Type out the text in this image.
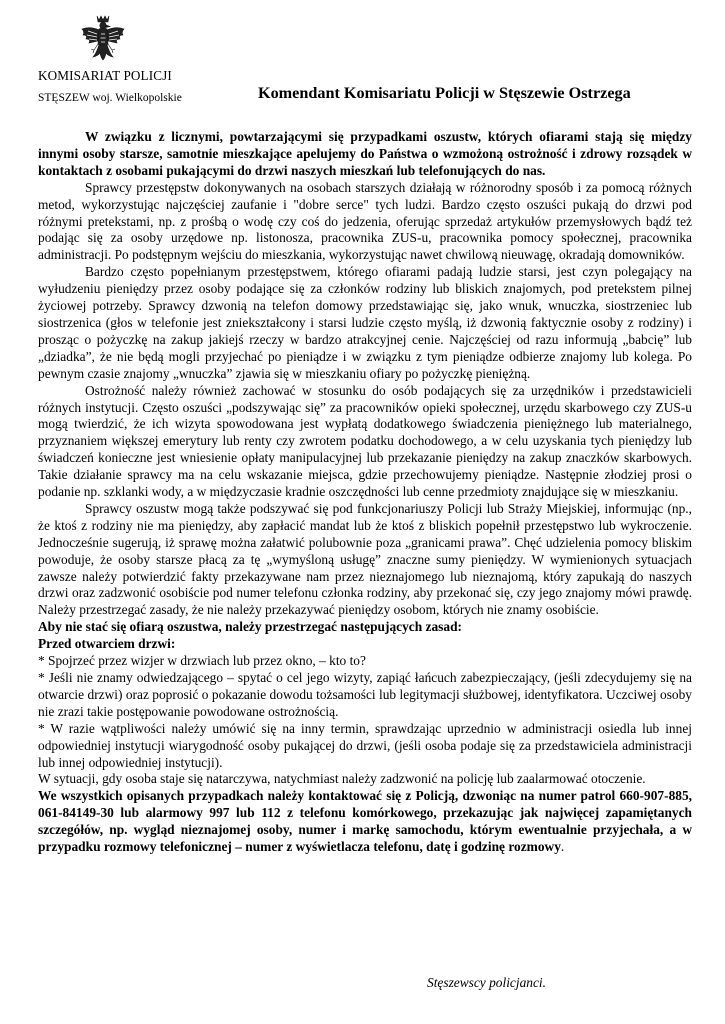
KOMISARIAT POLICJI
STĘSZEW woj. Wielkopolskie	Komendant Komisariatu Policji w Stęszewie Ostrzega

W związku z licznymi, powtarzającymi się przypadkami oszustw, których ofiarami stają się między innymi osoby starsze, samotnie mieszkające apelujemy do Państwa o wzmożoną ostrożność i zdrowy rozsądek w kontaktach z osobami pukającymi do drzwi naszych mieszkań lub telefonujących do nas.

Sprawcy przestępstw dokonywanych na osobach starszych działają w różnorodny sposób i za pomocą różnych metod, wykorzystując najczęściej zaufanie i "dobre serce" tych ludzi. Bardzo często oszuści pukają do drzwi pod różnymi pretekstami, np. z prośbą o wodę czy coś do jedzenia, oferując sprzedaż artykułów przemysłowych bądź też podając się za osoby urzędowe np. listonosza, pracownika ZUS-u, pracownika pomocy społecznej, pracownika administracji. Po podstępnym wejściu do mieszkania, wykorzystując nawet chwilową nieuwagę, okradają domowników.

Bardzo często popełnianym przestępstwem, którego ofiarami padają ludzie starsi, jest czyn polegający na wyłudzeniu pieniędzy przez osoby podające się za członków rodziny lub bliskich znajomych, pod pretekstem pilnej życiowej potrzeby. Sprawcy dzwonią na telefon domowy przedstawiając się, jako wnuk, wnuczka, siostrzeniec lub siostrzenica (głos w telefonie jest zniekształcony i starsi ludzie często myślą, iż dzwonią faktycznie osoby z rodziny) i prosząc o pożyczkę na zakup jakiejś rzeczy w bardzo atrakcyjnej cenie. Najczęściej od razu informują „babcię” lub „dziadka”, że nie będą mogli przyjechać po pieniądze i w związku z tym pieniądze odbierze znajomy lub kolega. Po pewnym czasie znajomy „wnuczka” zjawia się w mieszkaniu ofiary po pożyczkę pieniężną.

Ostrożność należy również zachować w stosunku do osób podających się za urzędników i przedstawicieli różnych instytucji. Często oszuści „podszywając się” za pracowników opieki społecznej, urzędu skarbowego czy ZUS-u mogą twierdzić, że ich wizyta spowodowana jest wypłatą dodatkowego świadczenia pieniężnego lub materialnego, przyznaniem większej emerytury lub renty czy zwrotem podatku dochodowego, a w celu uzyskania tych pieniędzy lub świadczeń konieczne jest wniesienie opłaty manipulacyjnej lub przekazanie pieniędzy na zakup znaczków skarbowych. Takie działanie sprawcy ma na celu wskazanie miejsca, gdzie przechowujemy pieniądze. Następnie złodziej prosi o podanie np. szklanki wody, a w międzyczasie kradnie oszczędności lub cenne przedmioty znajdujące się w mieszkaniu.

Sprawcy oszustw mogą także podszywać się pod funkcjonariuszy Policji lub Straży Miejskiej, informując (np., że ktoś z rodziny nie ma pieniędzy, aby zapłacić mandat lub że ktoś z bliskich popełnił przestępstwo lub wykroczenie. Jednocześnie sugerują, iż sprawę można załatwić polubownie poza „granicami prawa”. Chęć udzielenia pomocy bliskim powoduje, że osoby starsze płacą za tę „wymyśloną usługę” znaczne sumy pieniędzy. W wymienionych sytuacjach zawsze należy potwierdzić fakty przekazywane nam przez nieznajomego lub nieznajomą, który zapukają do naszych drzwi oraz zadzwonić osobiście pod numer telefonu członka rodziny, aby przekonać się, czy jego znajomy mówi prawdę. Należy przestrzegać zasady, że nie należy przekazywać pieniędzy osobom, których nie znamy osobiście.

Aby nie stać się ofiarą oszustwa, należy przestrzegać następujących zasad:

Przed otwarciem drzwi:

* Spojrzeć przez wizjer w drzwiach lub przez okno, – kto to?

* Jeśli nie znamy odwiedzającego – spytać o cel jego wizyty, zapiąć łańcuch zabezpieczający, (jeśli zdecydujemy się na otwarcie drzwi) oraz poprosić o pokazanie dowodu tożsamości lub legitymacji służbowej, identyfikatora. Uczciwej osoby nie zrazi takie postępowanie powodowane ostrożnością.

* W razie wątpliwości należy umówić się na inny termin, sprawdzając uprzednio w administracji osiedla lub innej odpowiedniej instytucji wiarygodność osoby pukającej do drzwi, (jeśli osoba podaje się za przedstawiciela administracji lub innej odpowiedniej instytucji).

W sytuacji, gdy osoba staje się natarczywa, natychmiast należy zadzwonić na policję lub zaalarmować otoczenie.

We wszystkich opisanych przypadkach należy kontaktować się z Policją, dzwoniąc na numer patrol 660-907-885, 061-84149-30 lub alarmowy 997 lub 112 z telefonu komórkowego, przekazując jak najwięcej zapamiętanych szczegółów, np. wygląd nieznajomej osoby, numer i markę samochodu, którym ewentualnie przyjechała, a w przypadku rozmowy telefonicznej – numer z wyświetlacza telefonu, datę i godzinę rozmowy.

Stęszewscy policjanci.
